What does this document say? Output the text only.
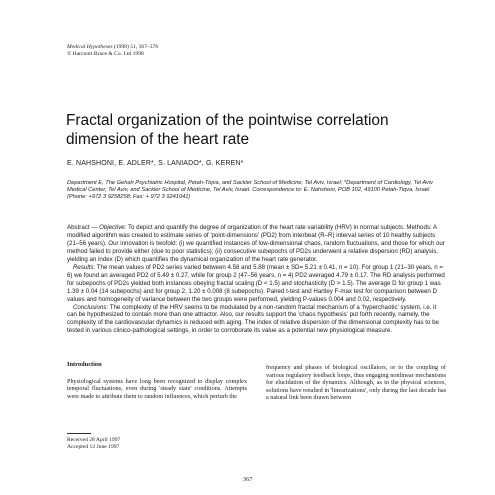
Medical Hypotheses (1998) 51, 367–376
© Harcourt Brace & Co. Ltd 1998
Fractal organization of the pointwise correlation dimension of the heart rate
E. NAHSHONI, E. ADLER*, S. LANIADO*, G. KEREN*
Department E, The Gehah Psychiatric Hospital, Petah-Tiqva, and Sackler School of Medicine, Tel Aviv, Israel; *Department of Cardiology, Tel Aviv Medical Center, Tel Aviv, and Sackler School of Medicine, Tel Aviv, Israel. Correspondence to: E. Nahshoni, POB 102, 49100 Petah-Tiqva, Israel (Phone: +972 3 9258258; Fax: + 972 3 9241041)

Abstract — Objective: To depict and quantify the degree of organization of the heart rate variability (HRV) in normal subjects. Methods: A modified algorithm was created to estimate series of 'point-dimensions' (PD2) from interbeat (R–R) interval series of 10 healthy subjects (21–56 years). Our innovation is twofold: (i) we quantified instances of low-dimensional chaos, random fluctuations, and those for which our method failed to provide either (due to poor statistics); (ii) consecutive subepochs of PD2s underwent a relative dispersion (RD) analysis, yielding an index (D) which quantifies the dynamical organization of the heart rate generator.

Results: The mean values of PD2 series varied between 4.58 and 5.88 (mean ± SD= 5.21 ± 0.41, n = 10). For group 1 (21–30 years, n = 6) we found an averaged PD2 of 5.49 ± 0.27, while for group 2 (47–56 years, n = 4) PD2 averaged 4.79 ± 0.17. The RD analysis performed for subepochs of PD2s yielded both instances obeying fractal scaling (D < 1.5) and stochasticity (D > 1.5). The average D for group 1 was 1.39 ± 0.04 (14 subepochs) and for group 2, 1.20 ± 0.008 (8 subepochs). Paired t-test and Hartley F-max test for comparison between D values and homogeneity of variance between the two groups were performed, yielding P-values 0.004 and 0.02, respectively.

Conclusions: The complexity of the HRV seems to be modulated by a non-random fractal mechanism of a 'hyperchaotic' system, i.e. it can be hypothesized to contain more than one attractor. Also, our results support the 'chaos hypothesis' put forth recently, namely, the complexity of the cardiovascular dynamics is reduced with aging. The index of relative dispersion of the dimensional complexity has to be tested in various clinico-pathological settings, in order to corroborate its value as a potential new physiological measure.

Introduction
Physiological systems have long been recognized to display complex temporal fluctuations, even during 'steady state' conditions. Attempts were made to attribute them to random influences, which perturb the
frequency and phases of biological oscillators, or to the coupling of various regulatory feedback loops, thus engaging nonlinear mechanisms for elucidation of the dynamics. Although, as in the physical sciences, solutions have resulted in 'linearizations', only during the last decade has a natural link been drawn between
Received 28 April 1997
Accepted 12 June 1997
367
